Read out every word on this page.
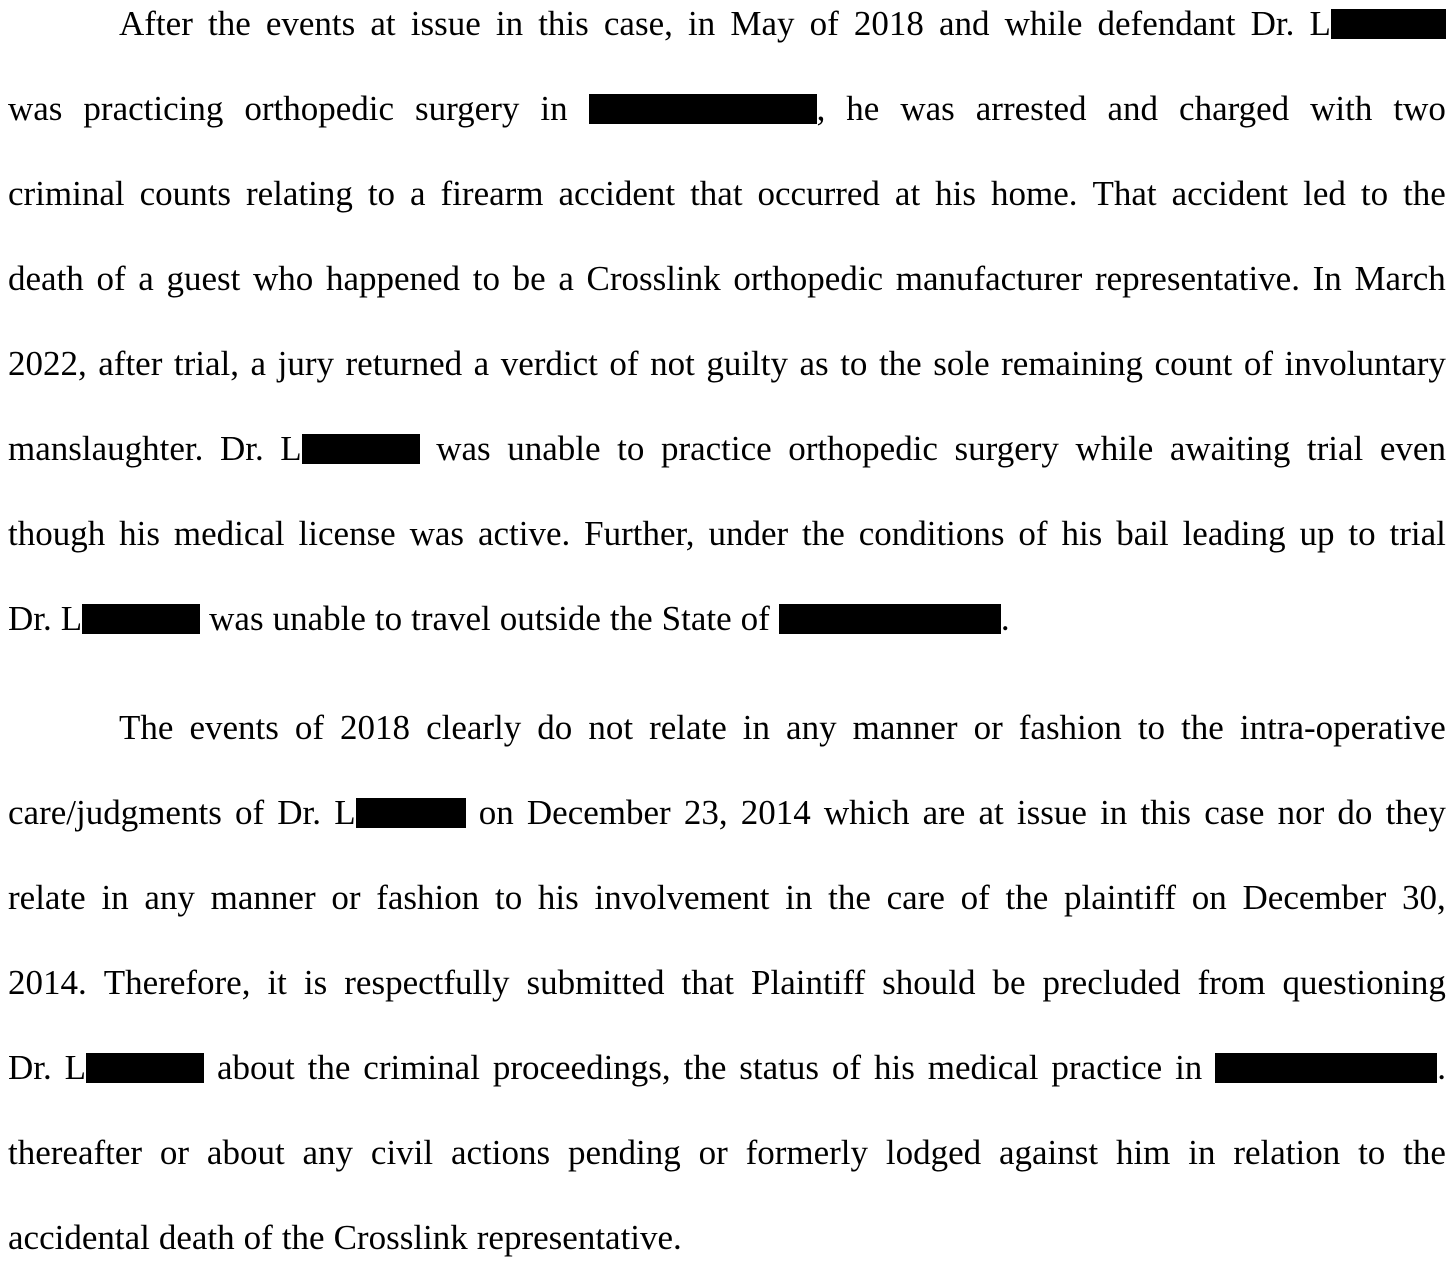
After the events at issue in this case, in May of 2018 and while defendant Dr. L
was practicing orthopedic surgery in	, he was arrested and charged with two
criminal counts relating to a firearm accident that occurred at his home. That accident led to the
death of a guest who happened to be a Crosslink orthopedic manufacturer representative. In March
2022, after trial, a jury returned a verdict of not guilty as to the sole remaining count of involuntary
manslaughter. Dr. L	was unable to practice orthopedic surgery while awaiting trial even
though his medical license was active. Further, under the conditions of his bail leading up to trial
Dr. L	was unable to travel outside the State of	.
The events of 2018 clearly do not relate in any manner or fashion to the intra-operative
care/judgments of Dr. L	on December 23, 2014 which are at issue in this case nor do they
relate in any manner or fashion to his involvement in the care of the plaintiff on December 30,
2014. Therefore, it is respectfully submitted that Plaintiff should be precluded from questioning
Dr. L	about the criminal proceedings, the status of his medical practice in	.
thereafter or about any civil actions pending or formerly lodged against him in relation to the
accidental death of the Crosslink representative.
